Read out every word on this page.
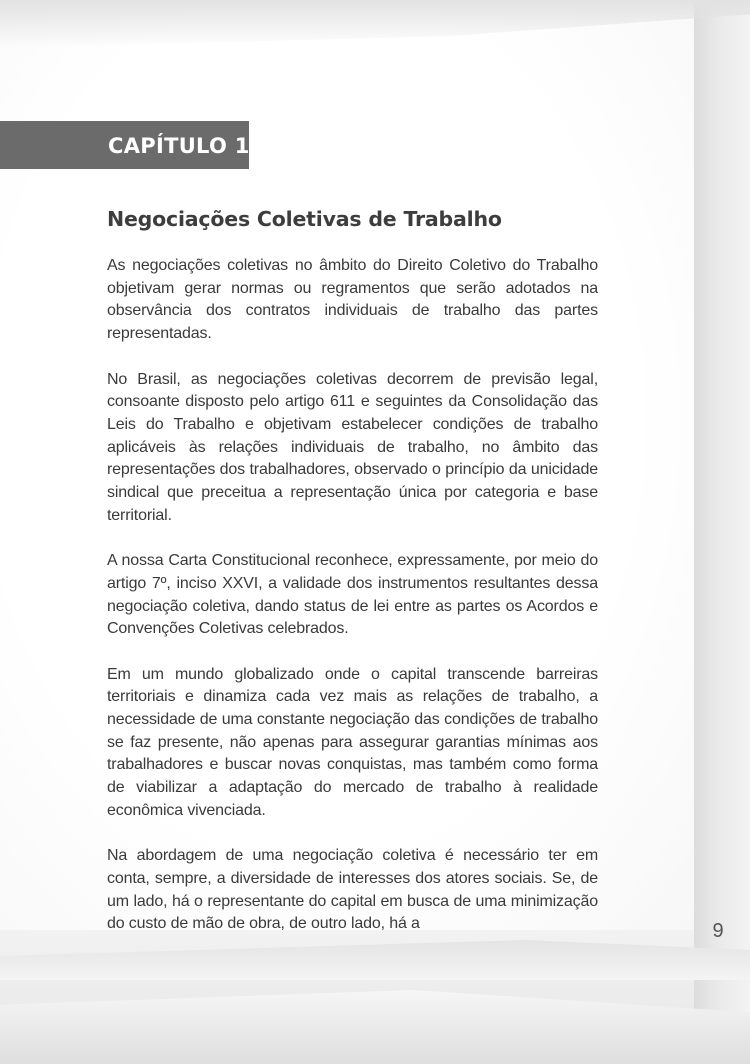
CAPÍTULO 1
Negociações Coletivas de Trabalho

As negociações coletivas no âmbito do Direito Coletivo do Trabalho objetivam gerar normas ou regramentos que serão adotados na observância dos contratos individuais de trabalho das partes representadas.

No Brasil, as negociações coletivas decorrem de previsão legal, consoante disposto pelo artigo 611 e seguintes da Consolidação das Leis do Trabalho e objetivam estabelecer condições de trabalho aplicáveis às relações individuais de trabalho, no âmbito das representações dos trabalhadores, observado o princípio da unicidade sindical que preceitua a representação única por categoria e base territorial.

A nossa Carta Constitucional reconhece, expressamente, por meio do artigo 7º, inciso XXVI, a validade dos instrumentos resultantes dessa negociação coletiva, dando status de lei entre as partes os Acordos e Convenções Coletivas celebrados.

Em um mundo globalizado onde o capital transcende barreiras territoriais e dinamiza cada vez mais as relações de trabalho, a necessidade de uma constante negociação das condições de trabalho se faz presente, não apenas para assegurar garantias mínimas aos trabalhadores e buscar novas conquistas, mas também como forma de viabilizar a adaptação do mercado de trabalho à realidade econômica vivenciada.

Na abordagem de uma negociação coletiva é necessário ter em conta, sempre, a diversidade de interesses dos atores sociais. Se, de um lado, há o representante do capital em busca de uma minimização do custo de mão de obra, de outro lado, há a	9
